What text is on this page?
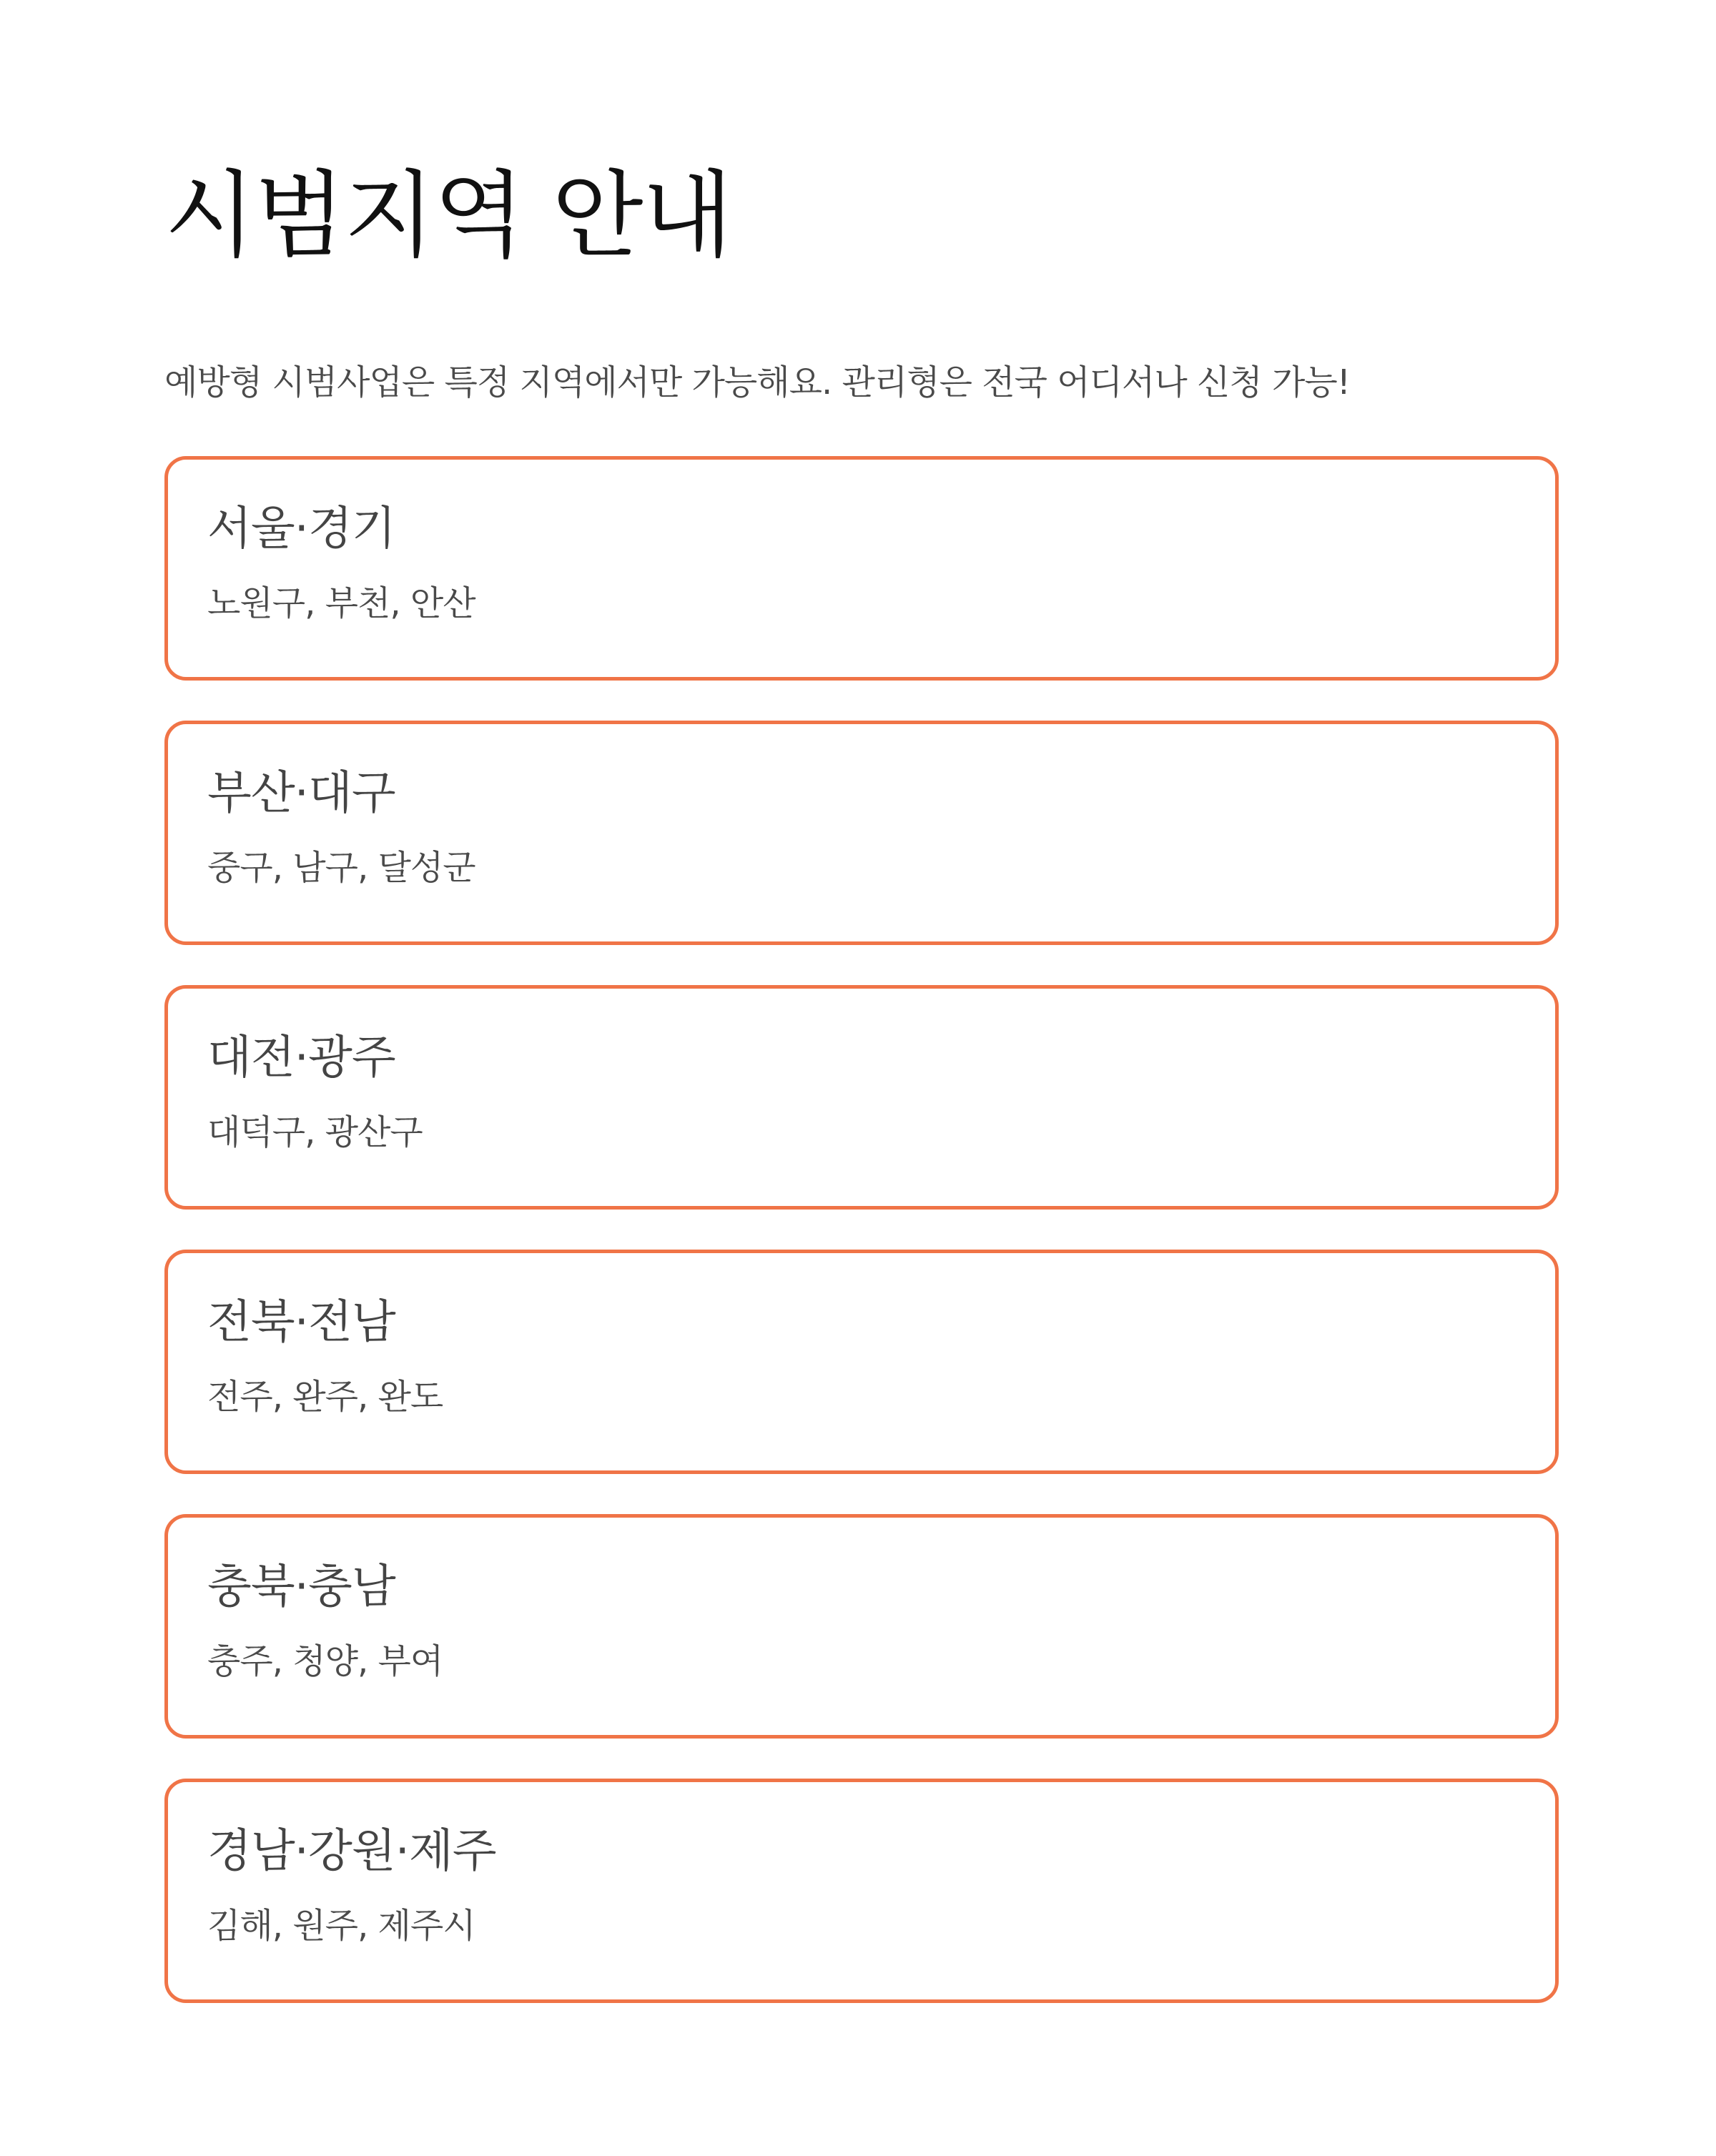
시범지역 안내

예방형 시범사업은 특정 지역에서만 가능해요. 관리형은 전국 어디서나 신청 가능!

서울·경기
노원구, 부천, 안산
부산·대구
중구, 남구, 달성군
대전·광주
대덕구, 광산구
전북·전남
전주, 완주, 완도
충북·충남
충주, 청양, 부여
경남·강원·제주
김해, 원주, 제주시
